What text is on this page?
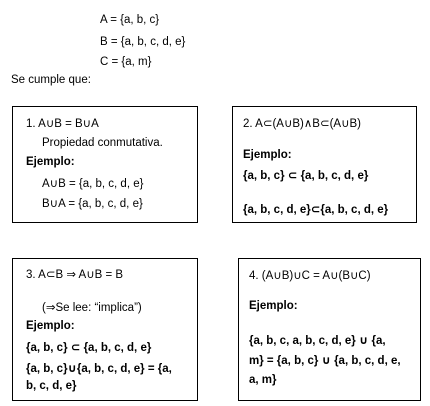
A = {a, b, c}
B = {a, b, c, d, e}
C = {a, m}
Se cumple que:
1. A∪B = B∪A
Propiedad conmutativa.
Ejemplo:
A∪B = {a, b, c, d, e}
B∪A = {a, b, c, d, e}
2. A⊂(A∪B)∧B⊂(A∪B)
Ejemplo:
{a, b, c} ⊂ {a, b, c, d, e}
{a, b, c, d, e}⊂{a, b, c, d, e}
3. A⊂B ⇒ A∪B = B
(⇒Se lee: “implica”)
Ejemplo:
{a, b, c} ⊂ {a, b, c, d, e}
{a, b, c}∪{a, b, c, d, e} = {a,
b, c, d, e}
4. (A∪B)∪C = A∪(B∪C)
Ejemplo:
{a, b, c, a, b, c, d, e} ∪ {a,
m} = {a, b, c} ∪ {a, b, c, d, e,
a, m}
